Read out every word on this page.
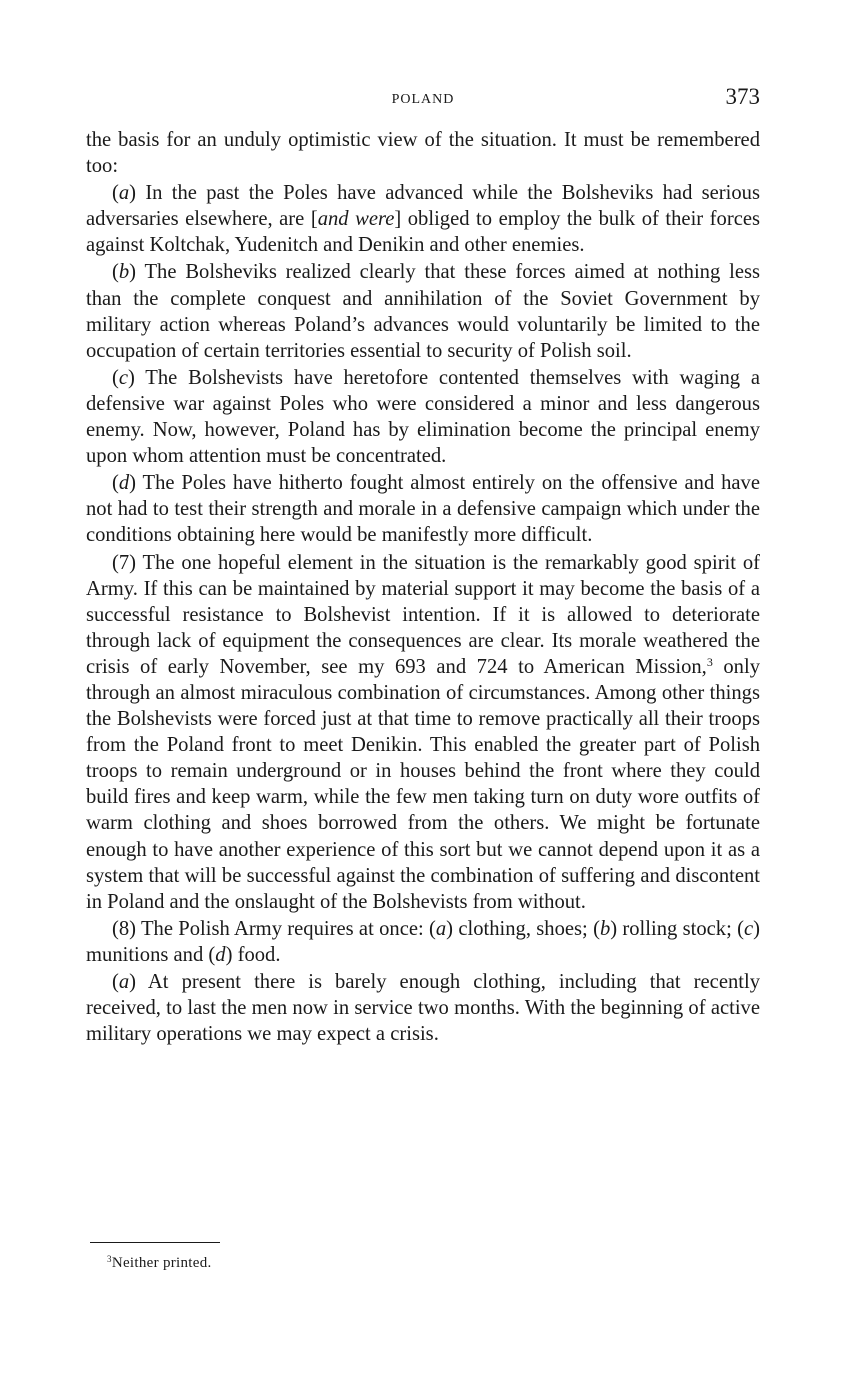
POLAND	373

the basis for an unduly optimistic view of the situation. It must be remembered too:

(a) In the past the Poles have advanced while the Bolsheviks had serious adversaries elsewhere, are [and were] obliged to employ the bulk of their forces against Koltchak, Yudenitch and Denikin and other enemies.

(b) The Bolsheviks realized clearly that these forces aimed at nothing less than the complete conquest and annihilation of the Soviet Government by military action whereas Poland’s advances would voluntarily be limited to the occupation of certain territories essential to security of Polish soil.

(c) The Bolshevists have heretofore contented themselves with waging a defensive war against Poles who were considered a minor and less dangerous enemy. Now, however, Poland has by elimination become the principal enemy upon whom attention must be concentrated.

(d) The Poles have hitherto fought almost entirely on the offensive and have not had to test their strength and morale in a defensive campaign which under the conditions obtaining here would be manifestly more difficult.

(7) The one hopeful element in the situation is the remarkably good spirit of Army. If this can be maintained by material support it may become the basis of a successful resistance to Bolshevist intention. If it is allowed to deteriorate through lack of equipment the consequences are clear. Its morale weathered the crisis of early November, see my 693 and 724 to American Mission,$^3$ only through an almost miraculous combination of circumstances. Among other things the Bolshevists were forced just at that time to remove practically all their troops from the Poland front to meet Denikin. This enabled the greater part of Polish troops to remain underground or in houses behind the front where they could build fires and keep warm, while the few men taking turn on duty wore outfits of warm clothing and shoes borrowed from the others. We might be fortunate enough to have another experience of this sort but we cannot depend upon it as a system that will be successful against the combination of suffering and discontent in Poland and the onslaught of the Bolshevists from without.

(8) The Polish Army requires at once: (a) clothing, shoes; (b) rolling stock; (c) munitions and (d) food.

(a) At present there is barely enough clothing, including that recently received, to last the men now in service two months. With the beginning of active military operations we may expect a crisis.

$^3$Neither printed.
